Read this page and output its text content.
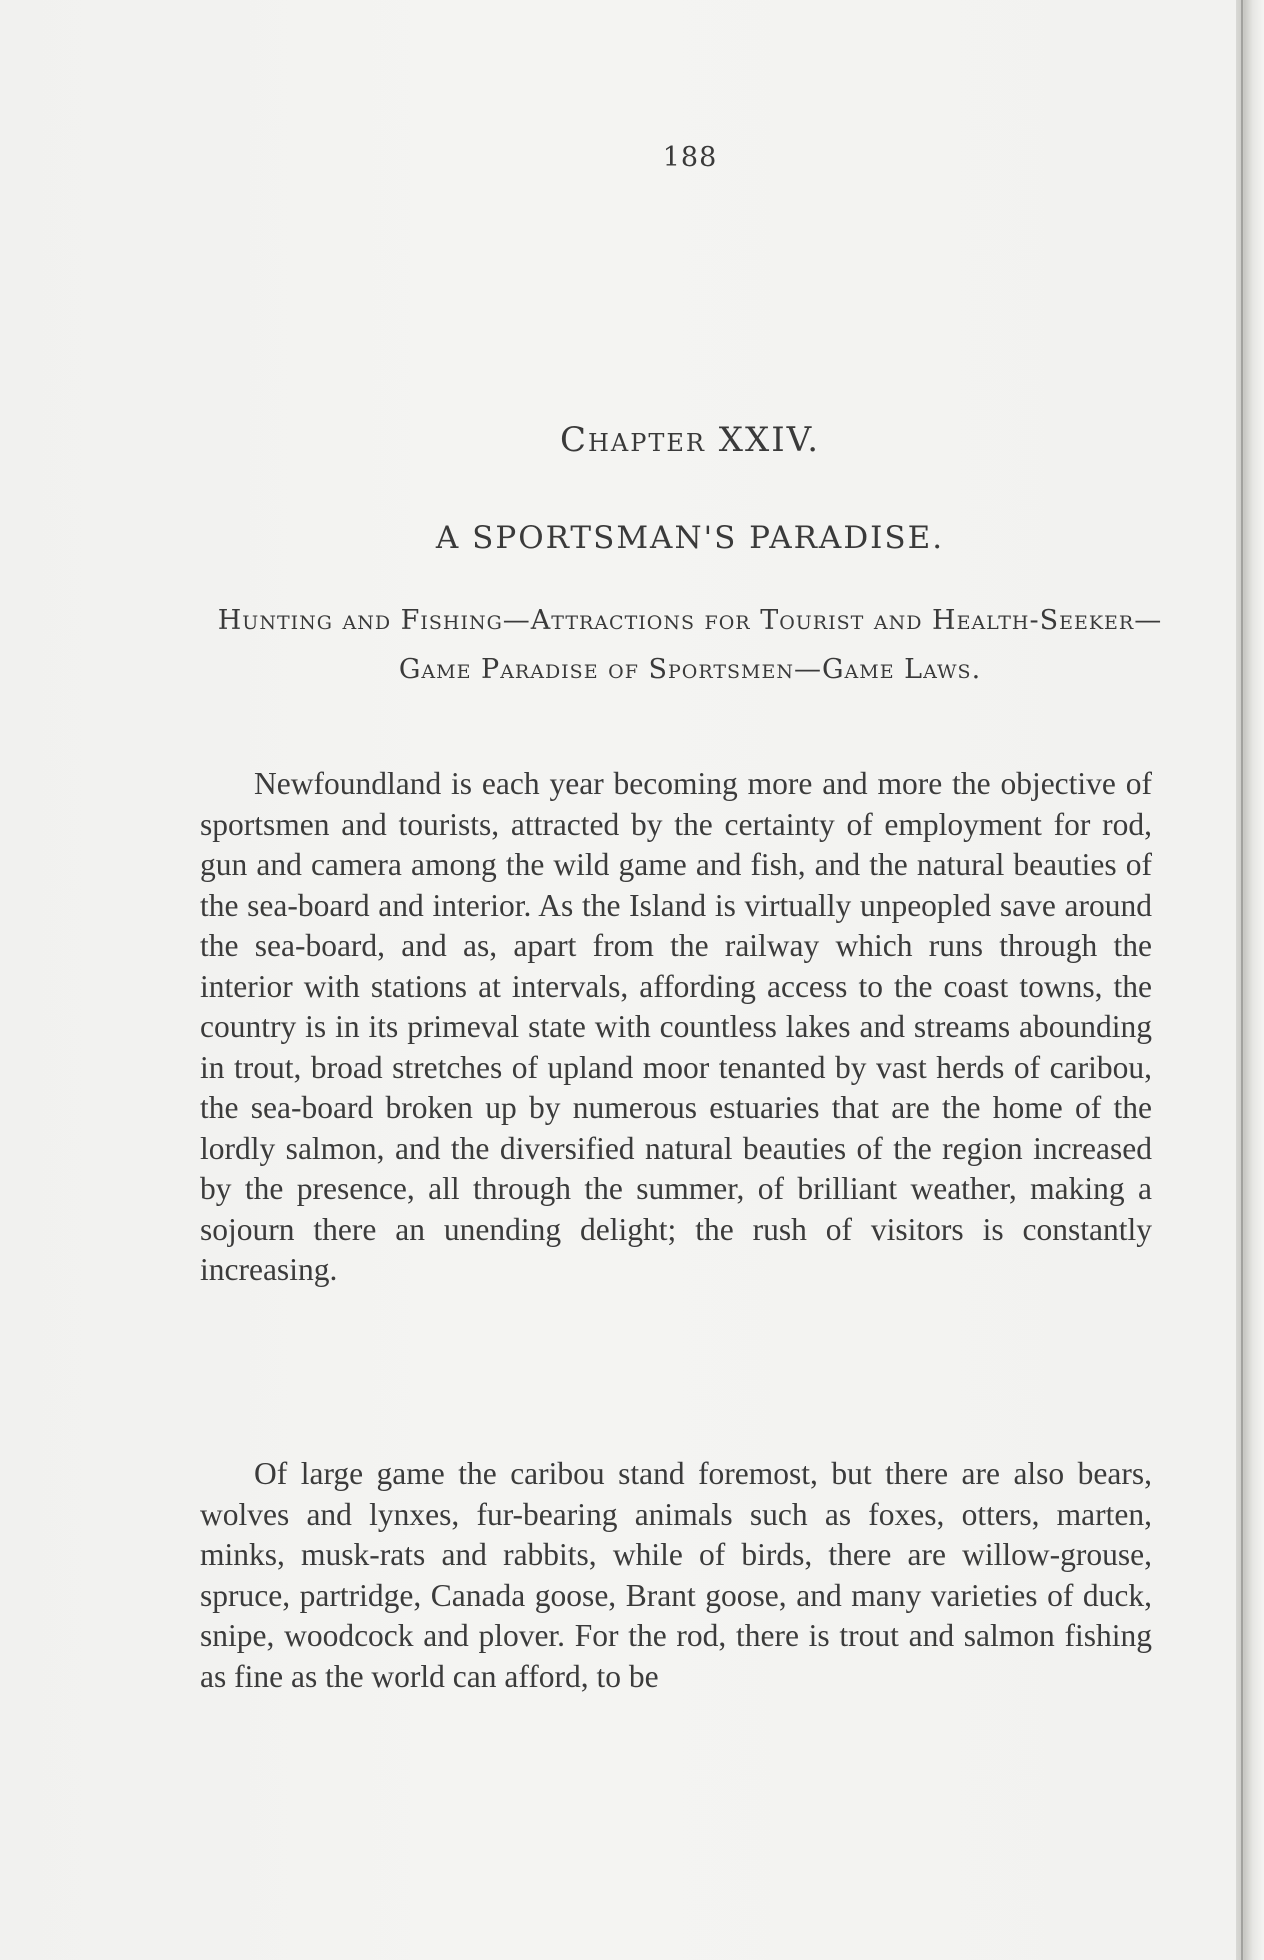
188
Chapter XXIV.
A SPORTSMAN'S PARADISE.
Hunting and Fishing—Attractions for Tourist and Health-Seeker—Game Paradise of Sportsmen—Game Laws.

Newfoundland is each year becoming more and more the objective of sportsmen and tourists, attracted by the certainty of employment for rod, gun and camera among the wild game and fish, and the natural beauties of the sea-board and interior. As the Island is virtually unpeopled save around the sea-board, and as, apart from the railway which runs through the interior with stations at intervals, affording access to the coast towns, the country is in its primeval state with countless lakes and streams abounding in trout, broad stretches of upland moor tenanted by vast herds of caribou, the sea-board broken up by numerous estuaries that are the home of the lordly salmon, and the diversified natural beauties of the region increased by the presence, all through the summer, of brilliant weather, making a sojourn there an unending delight; the rush of visitors is constantly increasing.

Of large game the caribou stand foremost, but there are also bears, wolves and lynxes, fur-bearing animals such as foxes, otters, marten, minks, musk-rats and rabbits, while of birds, there are willow-grouse, spruce, partridge, Canada goose, Brant goose, and many varieties of duck, snipe, woodcock and plover. For the rod, there is trout and salmon fishing as fine as the world can afford, to be
